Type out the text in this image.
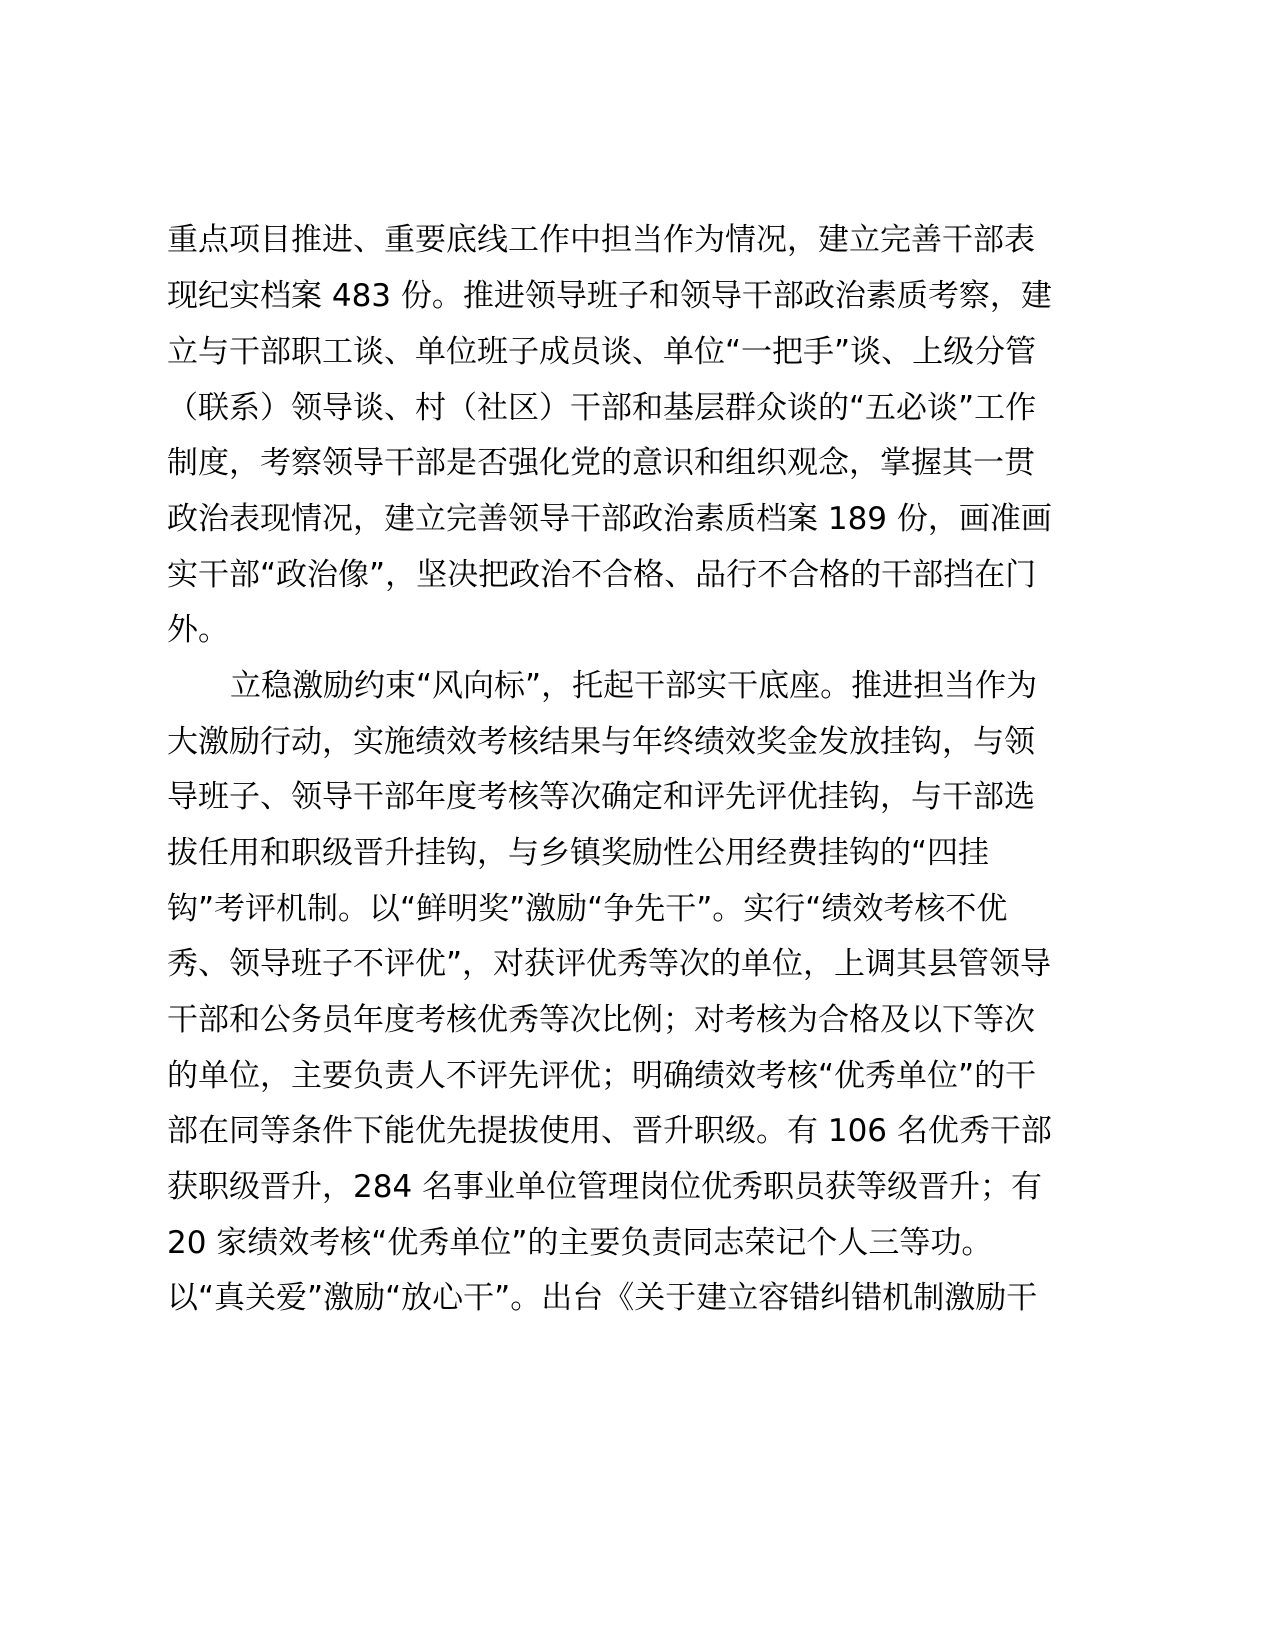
重点项目推进、重要底线工作中担当作为情况，建立完善干部表
现纪实档案 483 份。推进领导班子和领导干部政治素质考察，建
立与干部职工谈、单位班子成员谈、单位“一把手”谈、上级分管
（联系）领导谈、村（社区）干部和基层群众谈的“五必谈”工作
制度，考察领导干部是否强化党的意识和组织观念，掌握其一贯
政治表现情况，建立完善领导干部政治素质档案 189 份，画准画
实干部“政治像”，坚决把政治不合格、品行不合格的干部挡在门
外。
立稳激励约束“风向标”，托起干部实干底座。推进担当作为
大激励行动，实施绩效考核结果与年终绩效奖金发放挂钩，与领
导班子、领导干部年度考核等次确定和评先评优挂钩，与干部选
拔任用和职级晋升挂钩，与乡镇奖励性公用经费挂钩的“四挂
钩”考评机制。以“鲜明奖”激励“争先干”。实行“绩效考核不优
秀、领导班子不评优”，对获评优秀等次的单位，上调其县管领导
干部和公务员年度考核优秀等次比例；对考核为合格及以下等次
的单位，主要负责人不评先评优；明确绩效考核“优秀单位”的干
部在同等条件下能优先提拔使用、晋升职级。有 106 名优秀干部
获职级晋升，284 名事业单位管理岗位优秀职员获等级晋升；有
20 家绩效考核“优秀单位”的主要负责同志荣记个人三等功。
以“真关爱”激励“放心干”。出台《关于建立容错纠错机制激励干
